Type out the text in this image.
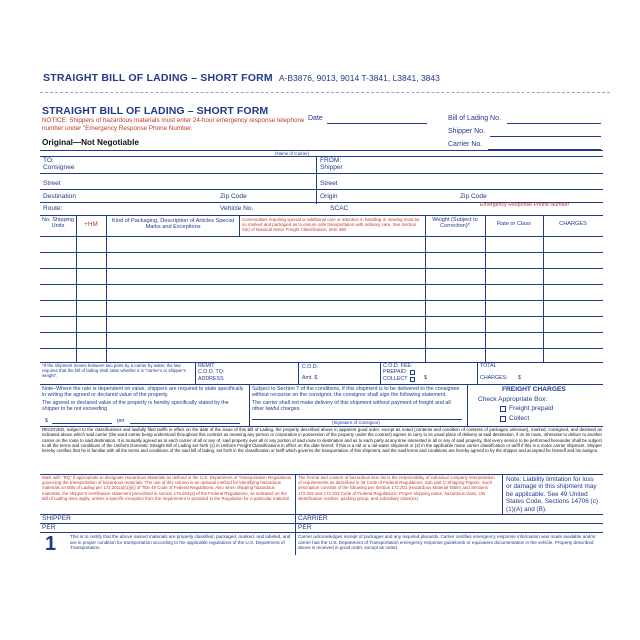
STRAIGHT BILL OF LADING – SHORT FORM A-B3876, 9013, 9014 T-3841, L3841, 3843
STRAIGHT BILL OF LADING – SHORT FORM
NOTICE: Shippers of hazardous materials must enter 24-hour emergency response telephone number under "Emergency Response Phone Number.
Original—Not Negotiable
Date	Bill of Lading No.
Shipper No.
Carrier No.
(Name of Carrier)
TO:
Consignee
Street
Destination	Zip Code
FROM:
Shipper
Street
Origin	Zip Code
Route:	Vehicle No.	SCAC	Emergency Response Phone Number
No. Shipping Units	+HM	Kind of Packaging, Description of Articles Special Marks and Exceptions
Commodities requiring special or additional care or attention in handling or stowing must be so marked and packaged as to ensure safe transportation with ordinary care. See Section 2(e) of National Motor Freight Classification, Item 360
Weight (Subject to Correction)*	Rate or Class	CHARGES
*If the shipment moves between two ports by a carrier by water, the law requires that the bill of lading shall state whether it is "carrier's or shipper's weight".
REMIT
C.O.D. TO:
ADDRESS
C.O.D.
Amt. $
C.O.D. FEE:
PREPAID
COLLECT	$
TOTAL
CHARGES: $
Note–Where the rate is dependent on value, shippers are required to state specifically in writing the agreed or declared value of the property.
The agreed or declared value of the property is hereby specifically stated by the shipper to be not exceeding
$	per
Subject to Section 7 of the conditions, if this shipment is to be delivered to the consignee without recourse on the consignor, the consignor shall sign the following statement.
The carrier shall not make delivery of this shipment without payment of freight and all other lawful charges.
(Signature of Consignor)
FREIGHT CHARGES
Check Appropriate Box:
Freight prepaid
Collect
RECEIVED, subject to the classifications and lawfully filed tariffs in effect on the date of the issue of this Bill of Lading, the property described above in apparent good order, except as noted (contents and condition of contents of packages unknown), marked, consigned, and destined as indicated above which said carrier (the word carrier being understood throughout this contract as meaning any person or corporation in possession of the property under the contract) agrees to carry to its usual place of delivery at said destination, if on its route, otherwise to deliver to another carrier on the route to said destination. It is mutually agreed as to each carrier of all or any of, said property over all or any portion of said route to destination and as to each party at any time interested in all or any of said property, that every service to be performed hereunder shall be subject to all the terms and conditions of the Uniform Domestic Straight Bill of Lading set forth (1) in Uniform Freight Classifications in effect on the date hereof, if this is a rail or a rail-water shipment or (2) in the applicable motor carrier classification or tariff if this is a motor carrier shipment. Shipper hereby certifies that he is familiar with all the terms and conditions of the said bill of lading, set forth in the classification or tariff which governs the transportation of this shipment, and the said terms and conditions are hereby agreed to by the shipper and accepted for himself and his assigns.
Mark with "RQ" if appropriate to designate Hazardous Materials as defined in the U.S. Department of Transportation Regulations governing the transportation of hazardous materials. The use of this column is an optional method for identifying hazardous materials on Bills of Lading per 172.201(a)(1)(iii) of Title 49 Code of Federal Regulations. Also when shipping hazardous materials, the shipper's certification statement prescribed in section 172.204(a) of the Federal Regulations, as indicated on the Bill of Lading does apply, unless a specific exception from the requirement is provided in the Regulation for a particular material.
The format and content of hazardous item list is the responsibility of individual company interpretation of requirements as described in 49 Code of Federal Regulations, Sub part C-Shipping Papers. Such description consists of the following per Section 172.201 (Hazardous Material Table) and Sections 172.202 and 172.203 Code of Federal Regulations: Proper shipping name, hazardous class, UN identification number, packing group, and subsidiary class(es).
Note: Liability limitation for loss or damage in this shipment may be applicable. See 49 United States Code, Sections 14706 (c)(1)(A) and (B).
SHIPPER
PER
CARRIER
PER
1	This is to certify that the above named materials are properly classified, packaged, marked, and labeled, and are in proper condition for transportation according to the applicable regulations of the U.S. Department of Transportation.
Carrier acknowledges receipt of packages and any required placards. Carrier certifies emergency response information was made available and/or carrier has the U.S. Department of Transportation emergency response guidebook or equivalent documentation in the vehicle. Property described above is received in good order, except as noted.
